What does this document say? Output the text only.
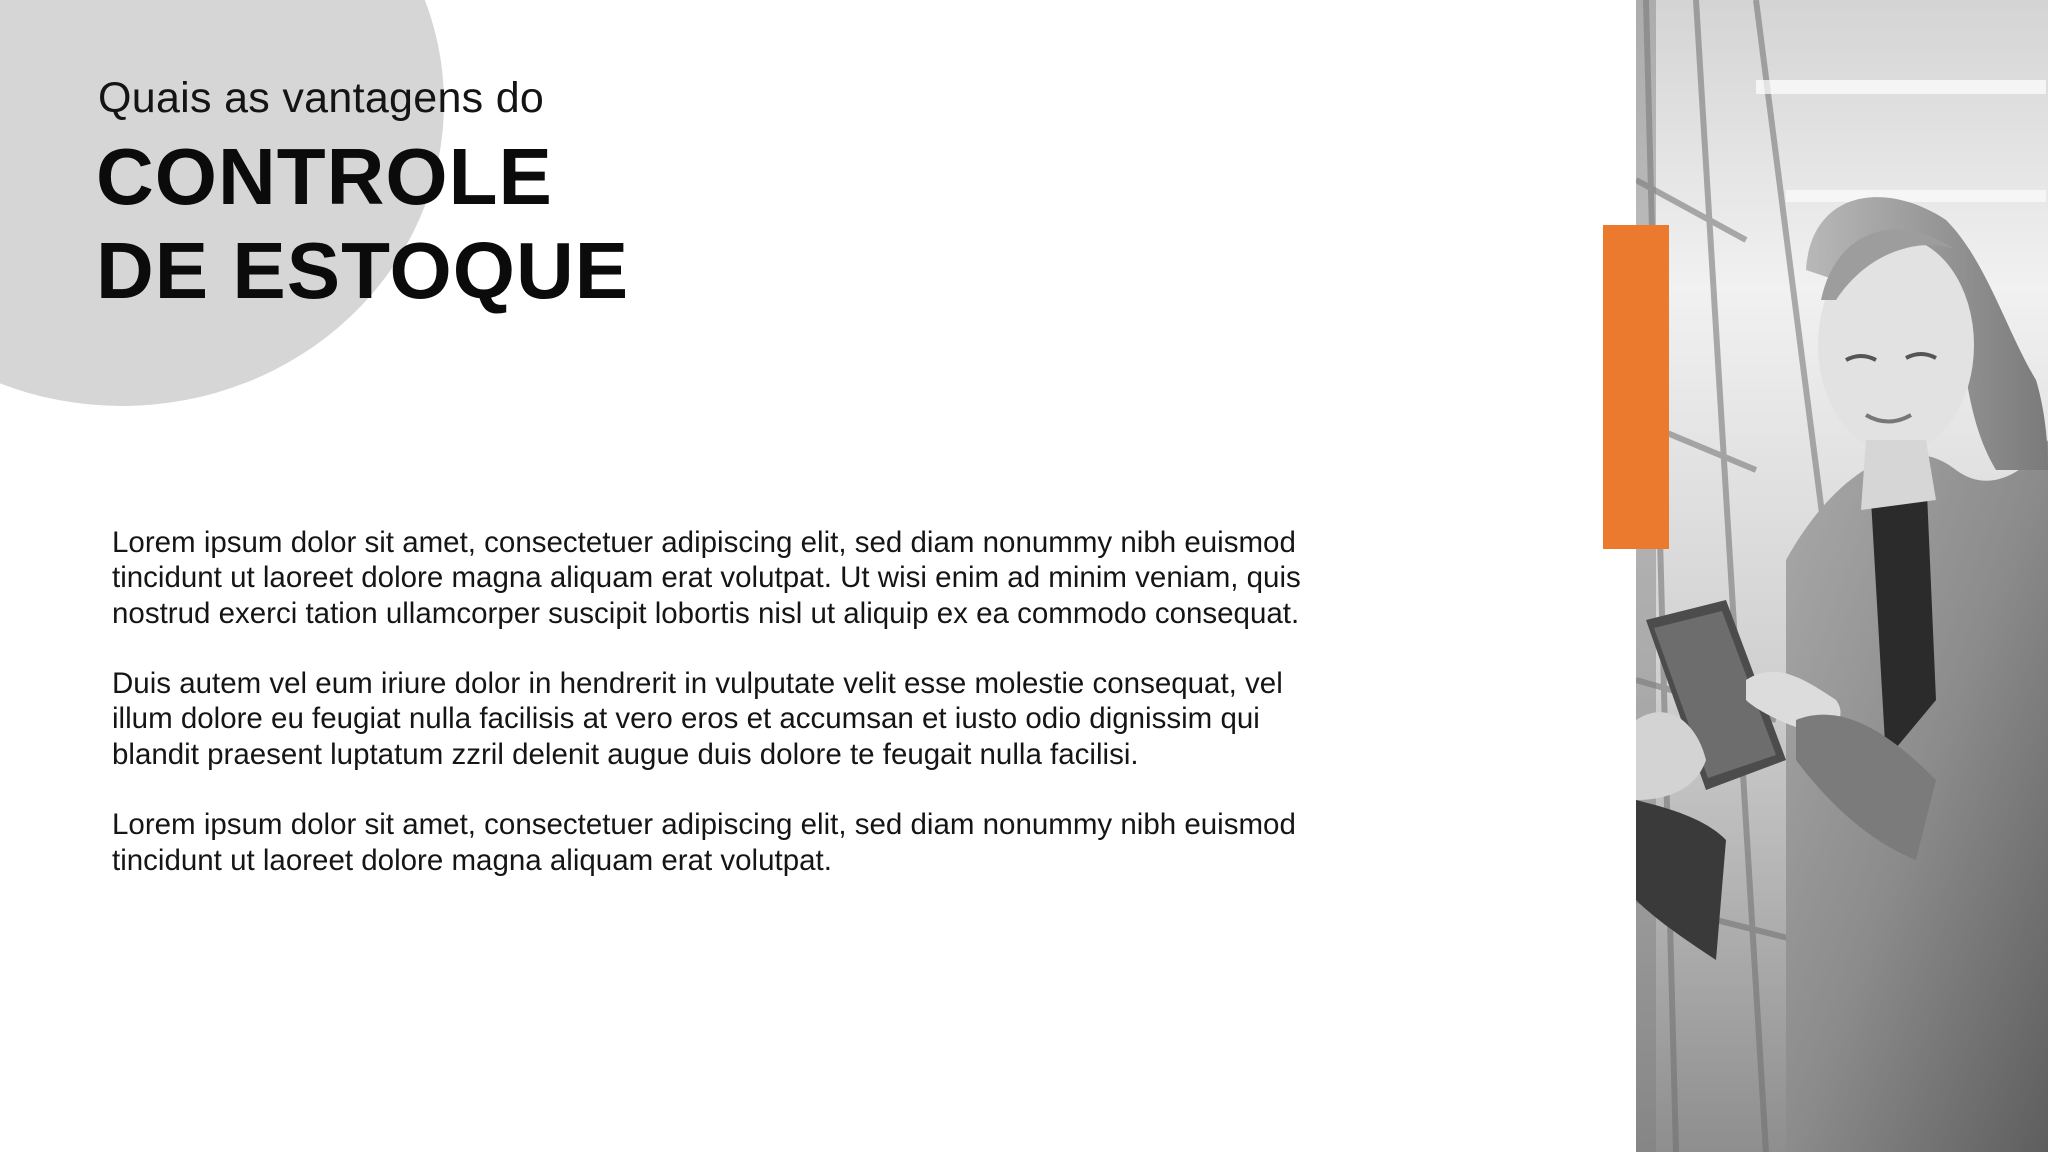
Quais as vantagens do
CONTROLE
DE ESTOQUE

Lorem ipsum dolor sit amet, consectetuer adipiscing elit, sed diam nonummy nibh euismod tincidunt ut laoreet dolore magna aliquam erat volutpat. Ut wisi enim ad minim veniam, quis nostrud exerci tation ullamcorper suscipit lobortis nisl ut aliquip ex ea commodo consequat.

Duis autem vel eum iriure dolor in hendrerit in vulputate velit esse molestie consequat, vel illum dolore eu feugiat nulla facilisis at vero eros et accumsan et iusto odio dignissim qui blandit praesent luptatum zzril delenit augue duis dolore te feugait nulla facilisi.

Lorem ipsum dolor sit amet, consectetuer adipiscing elit, sed diam nonummy nibh euismod tincidunt ut laoreet dolore magna aliquam erat volutpat.
